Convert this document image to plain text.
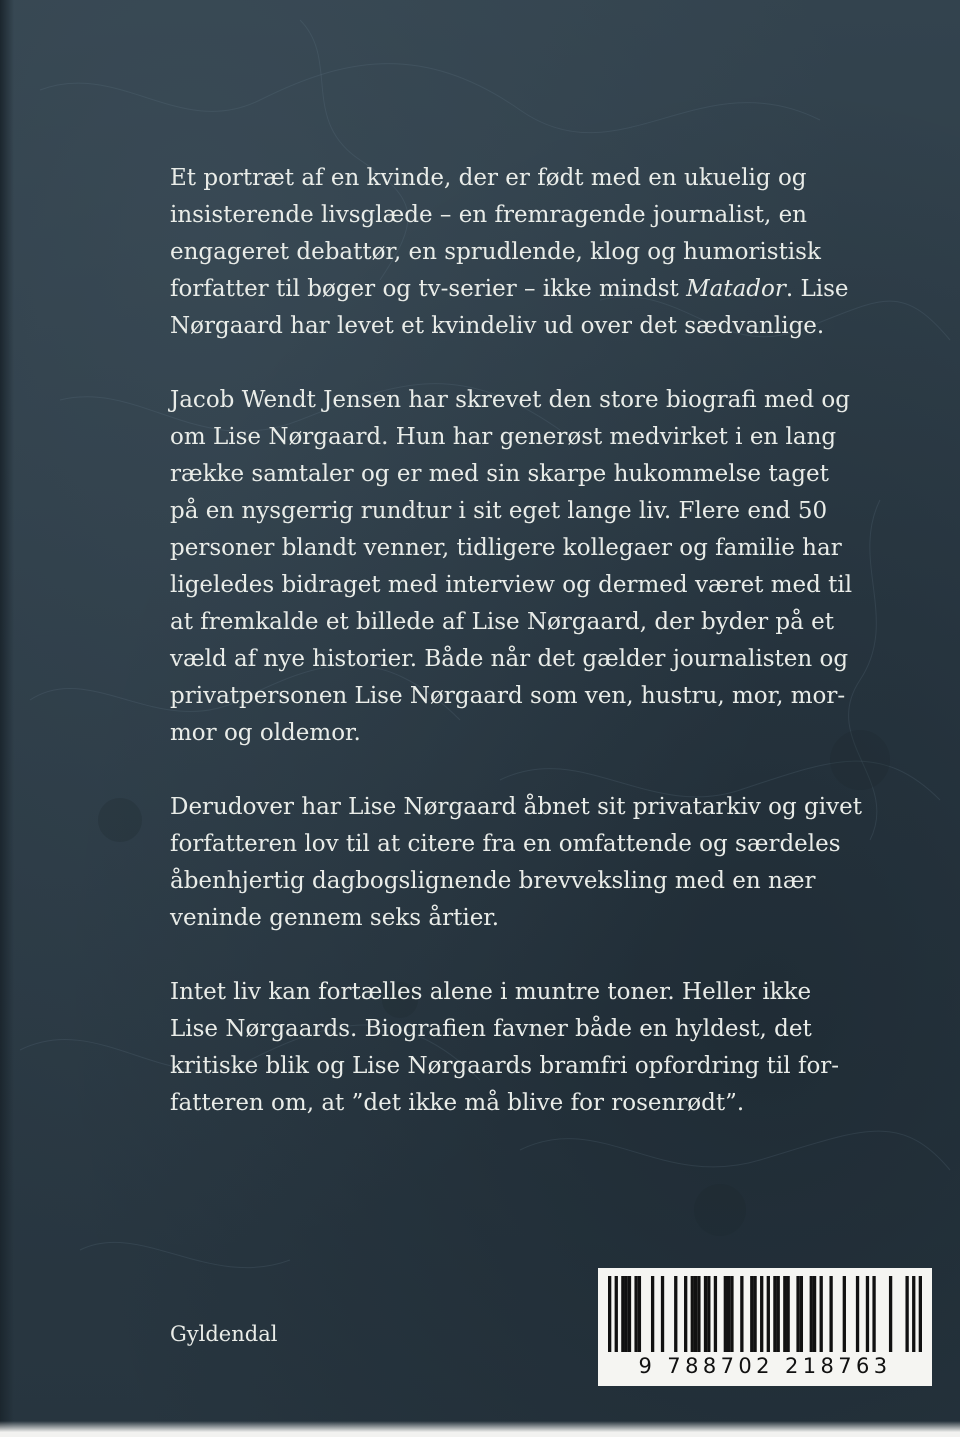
Et portræt af en kvinde, der er født med en ukuelig og
insisterende livsglæde – en fremragende journalist, en
engageret debattør, en sprudlende, klog og humoristisk
forfatter til bøger og tv-serier – ikke mindst Matador. Lise
Nørgaard har levet et kvindeliv ud over det sædvanlige.

Jacob Wendt Jensen har skrevet den store biografi med og
om Lise Nørgaard. Hun har generøst medvirket i en lang
række samtaler og er med sin skarpe hukommelse taget
på en nysgerrig rundtur i sit eget lange liv. Flere end 50
personer blandt venner, tidligere kollegaer og familie har
ligeledes bidraget med interview og dermed været med til
at fremkalde et billede af Lise Nørgaard, der byder på et
væld af nye historier. Både når det gælder journalisten og
privatpersonen Lise Nørgaard som ven, hustru, mor, mor-
mor og oldemor.

Derudover har Lise Nørgaard åbnet sit privatarkiv og givet
forfatteren lov til at citere fra en omfattende og særdeles
åbenhjertig dagbogslignende brevveksling med en nær
veninde gennem seks årtier.

Intet liv kan fortælles alene i muntre toner. Heller ikke
Lise Nørgaards. Biografien favner både en hyldest, det
kritiske blik og Lise Nørgaards bramfri opfordring til for-
fatteren om, at ”det ikke må blive for rosenrødt”.

Gyldendal
9 788702 218763
